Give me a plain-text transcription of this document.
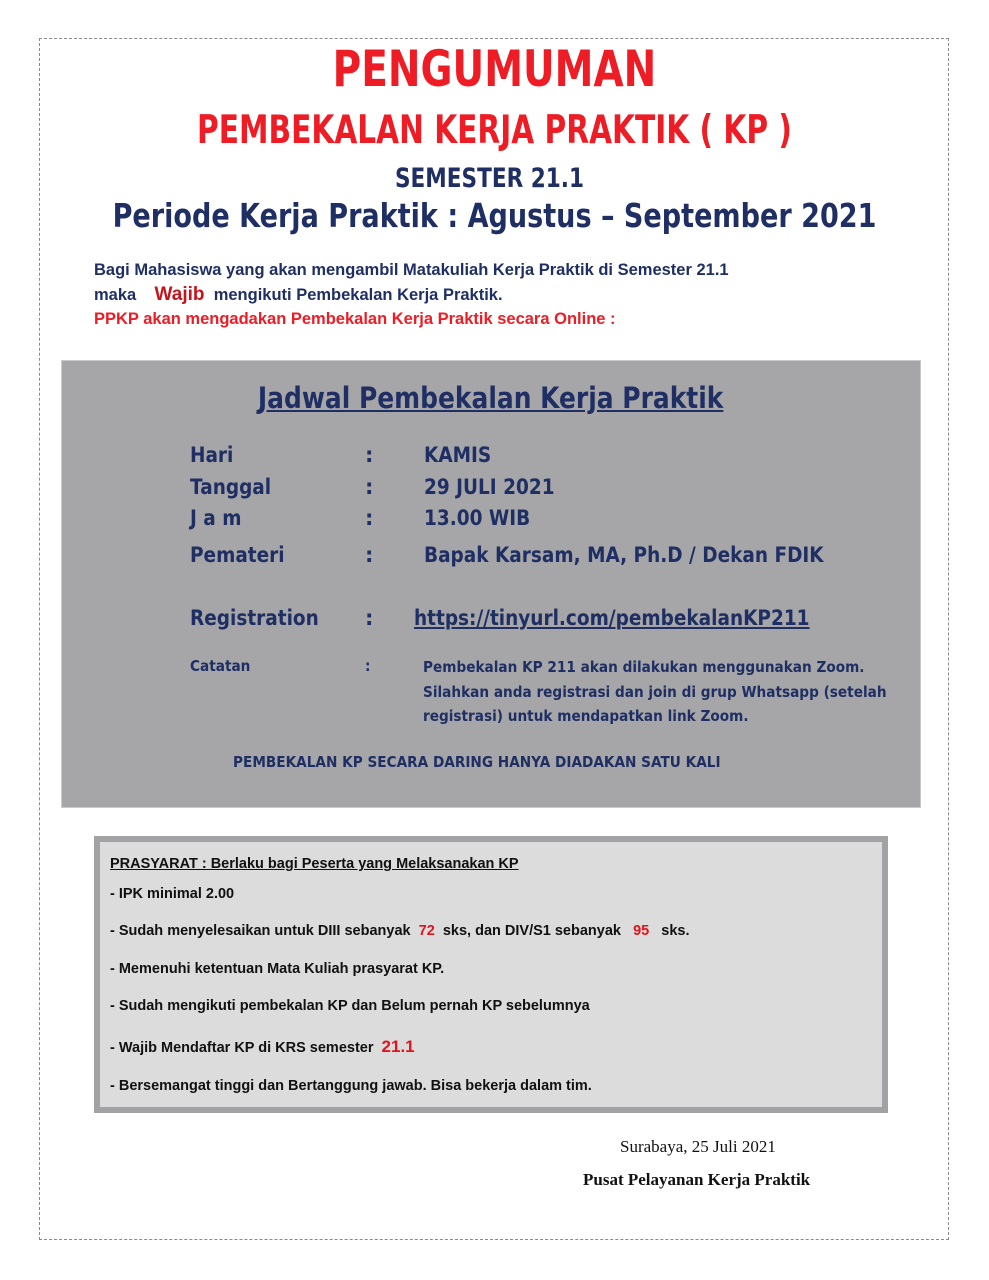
PENGUMUMAN
PEMBEKALAN KERJA PRAKTIK ( KP )
SEMESTER 21.1
Periode Kerja Praktik : Agustus – September 2021
Bagi Mahasiswa yang akan mengambil Matakuliah Kerja Praktik di Semester 21.1
maka Wajib mengikuti Pembekalan Kerja Praktik.
PPKP akan mengadakan Pembekalan Kerja Praktik secara Online :
Jadwal Pembekalan Kerja Praktik
Hari	: KAMIS
Tanggal	: 29 JULI 2021
J a m	: 13.00 WIB
Pemateri	: Bapak Karsam, MA, Ph.D / Dekan FDIK
Registration : https://tinyurl.com/pembekalanKP211
Catatan	:	Pembekalan KP 211 akan dilakukan menggunakan Zoom.
Silahkan anda registrasi dan join di grup Whatsapp (setelah
registrasi) untuk mendapatkan link Zoom.
PEMBEKALAN KP SECARA DARING HANYA DIADAKAN SATU KALI
PRASYARAT : Berlaku bagi Peserta yang Melaksanakan KP
- IPK minimal 2.00
- Sudah menyelesaikan untuk DIII sebanyak 72 sks, dan DIV/S1 sebanyak 95 sks.
- Memenuhi ketentuan Mata Kuliah prasyarat KP.
- Sudah mengikuti pembekalan KP dan Belum pernah KP sebelumnya
- Wajib Mendaftar KP di KRS semester 21.1
- Bersemangat tinggi dan Bertanggung jawab. Bisa bekerja dalam tim.
Surabaya, 25 Juli 2021
Pusat Pelayanan Kerja Praktik
